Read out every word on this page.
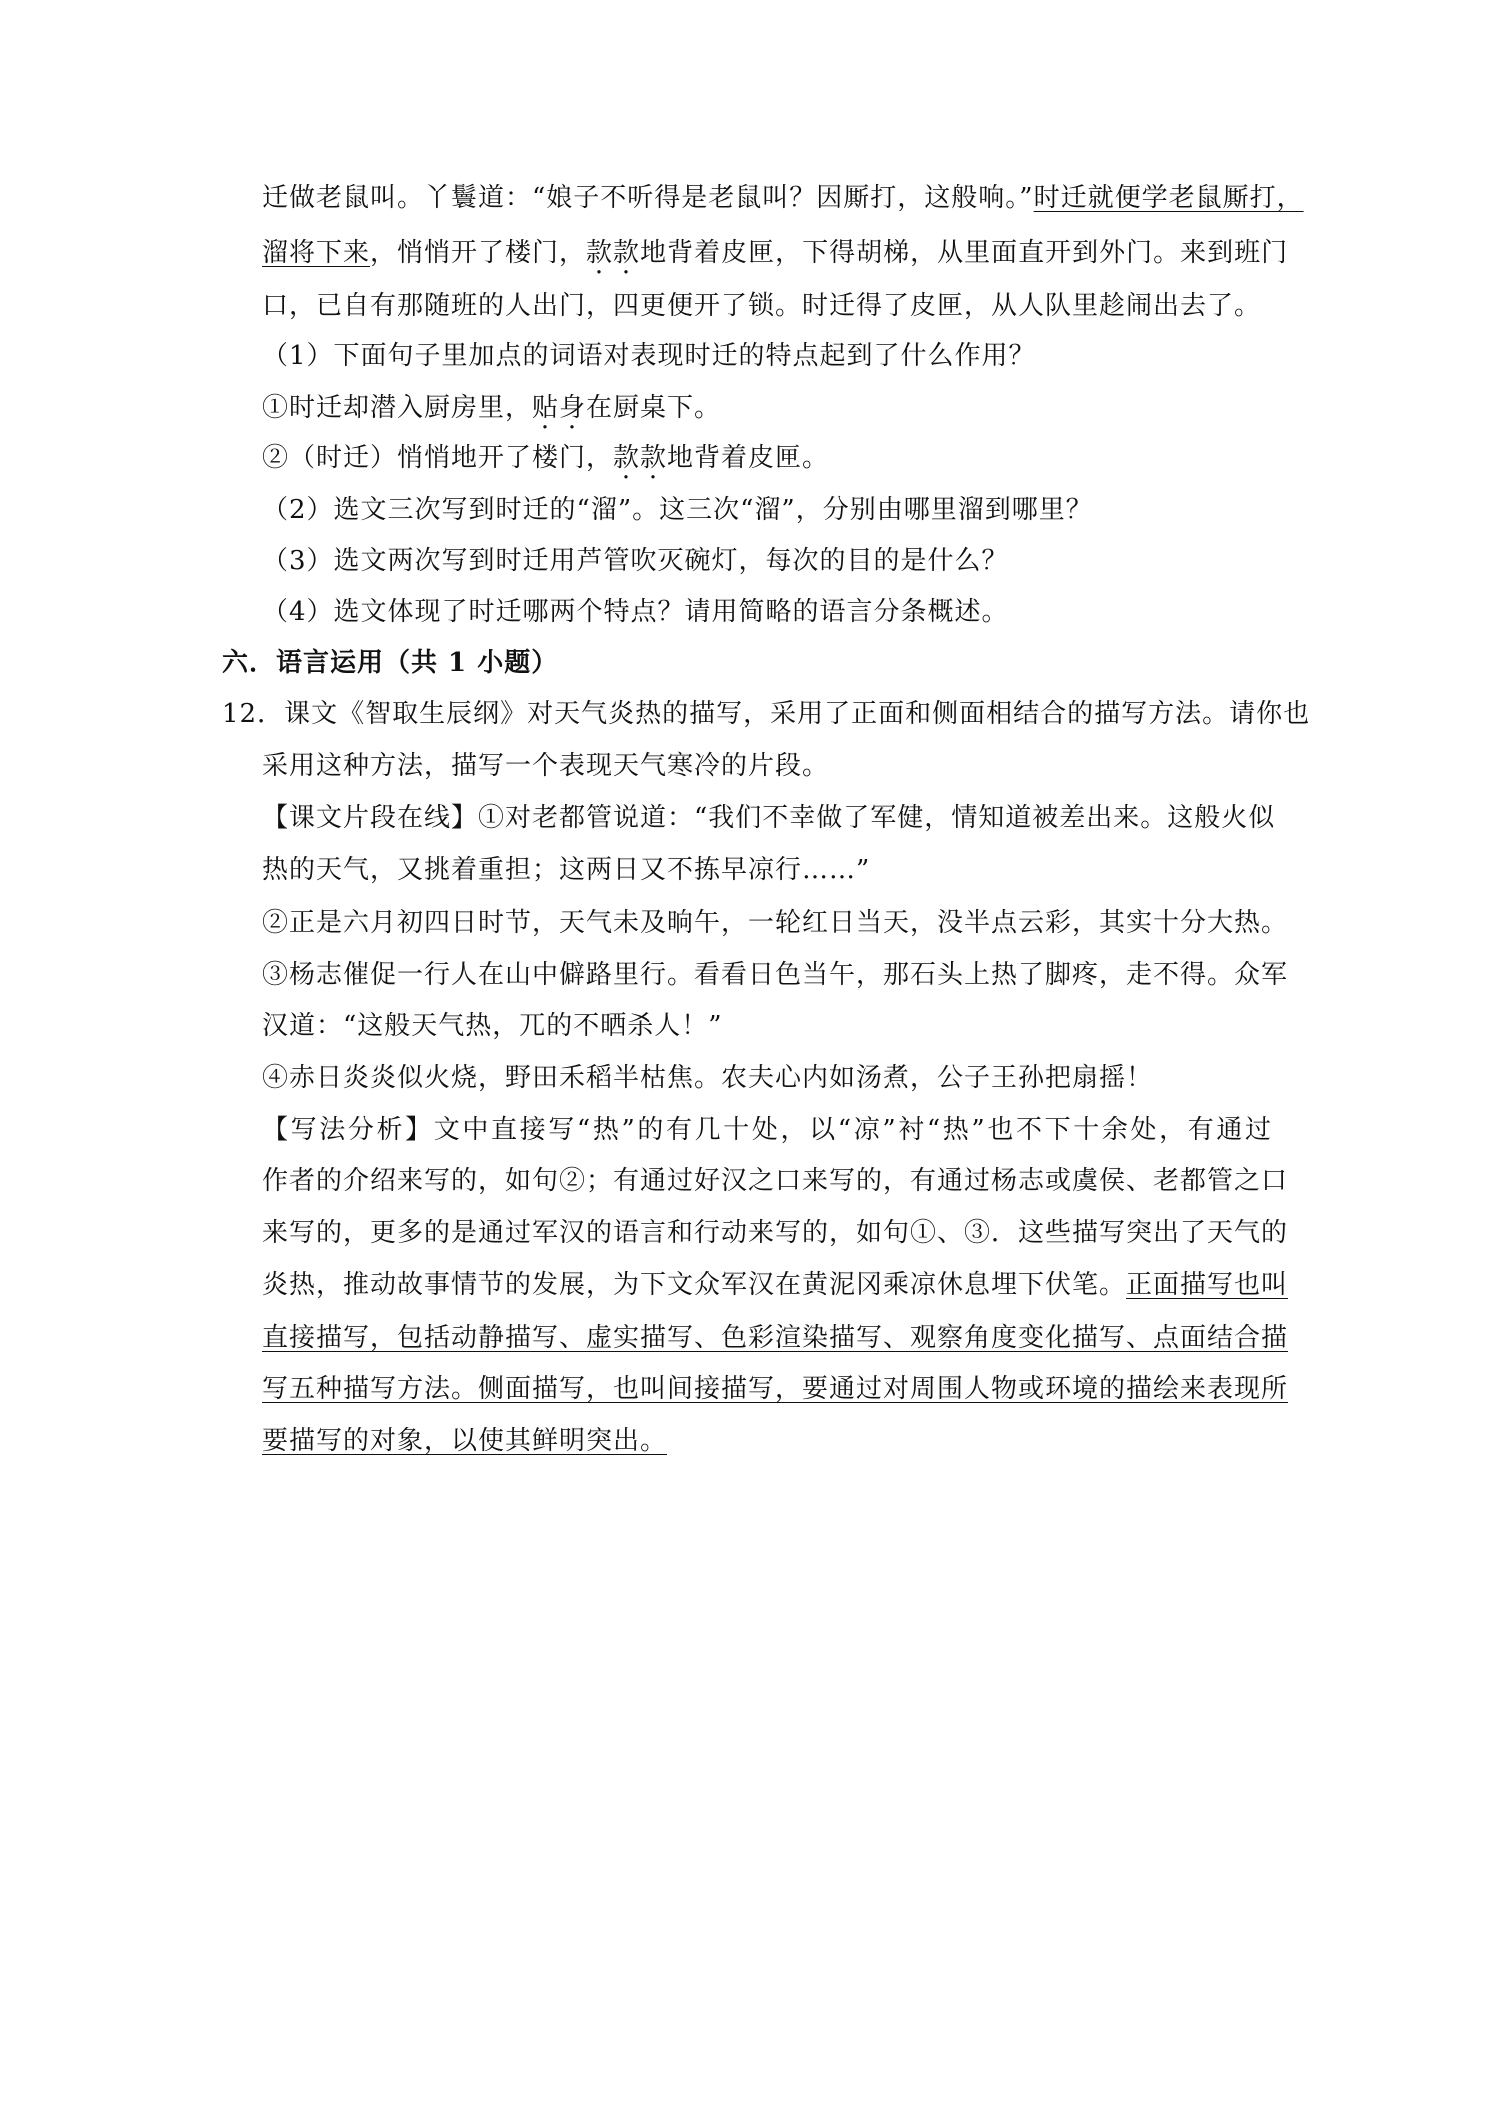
迁做老鼠叫。丫鬟道：“娘子不听得是老鼠叫？因厮打，这般响。”时迁就便学老鼠厮打，
溜将下来，悄悄开了楼门，款款地背着皮匣，下得胡梯，从里面直开到外门。来到班门
口，已自有那随班的人出门，四更便开了锁。时迁得了皮匣，从人队里趁闹出去了。
（1）下面句子里加点的词语对表现时迁的特点起到了什么作用？
①时迁却潜入厨房里，贴身在厨桌下。
②（时迁）悄悄地开了楼门，款款地背着皮匣。
（2）选文三次写到时迁的“溜”。这三次“溜”，分别由哪里溜到哪里？
（3）选文两次写到时迁用芦管吹灭碗灯，每次的目的是什么？
（4）选文体现了时迁哪两个特点？请用简略的语言分条概述。
六．语言运用（共 1 小题）
12．课文《智取生辰纲》对天气炎热的描写，采用了正面和侧面相结合的描写方法。请你也
采用这种方法，描写一个表现天气寒冷的片段。
【课文片段在线】①对老都管说道：“我们不幸做了军健，情知道被差出来。这般火似
热的天气，又挑着重担；这两日又不拣早凉行……”
②正是六月初四日时节，天气未及晌午，一轮红日当天，没半点云彩，其实十分大热。
③杨志催促一行人在山中僻路里行。看看日色当午，那石头上热了脚疼，走不得。众军
汉道：“这般天气热，兀的不晒杀人！”
④赤日炎炎似火烧，野田禾稻半枯焦。农夫心内如汤煮，公子王孙把扇摇！
【写法分析】文中直接写“热”的有几十处，以“凉”衬“热”也不下十余处，有通过
作者的介绍来写的，如句②；有通过好汉之口来写的，有通过杨志或虞侯、老都管之口
来写的，更多的是通过军汉的语言和行动来写的，如句①、③．这些描写突出了天气的
炎热，推动故事情节的发展，为下文众军汉在黄泥冈乘凉休息埋下伏笔。正面描写也叫
直接描写，包括动静描写、虚实描写、色彩渲染描写、观察角度变化描写、点面结合描
写五种描写方法。侧面描写，也叫间接描写，要通过对周围人物或环境的描绘来表现所
要描写的对象，以使其鲜明突出。
